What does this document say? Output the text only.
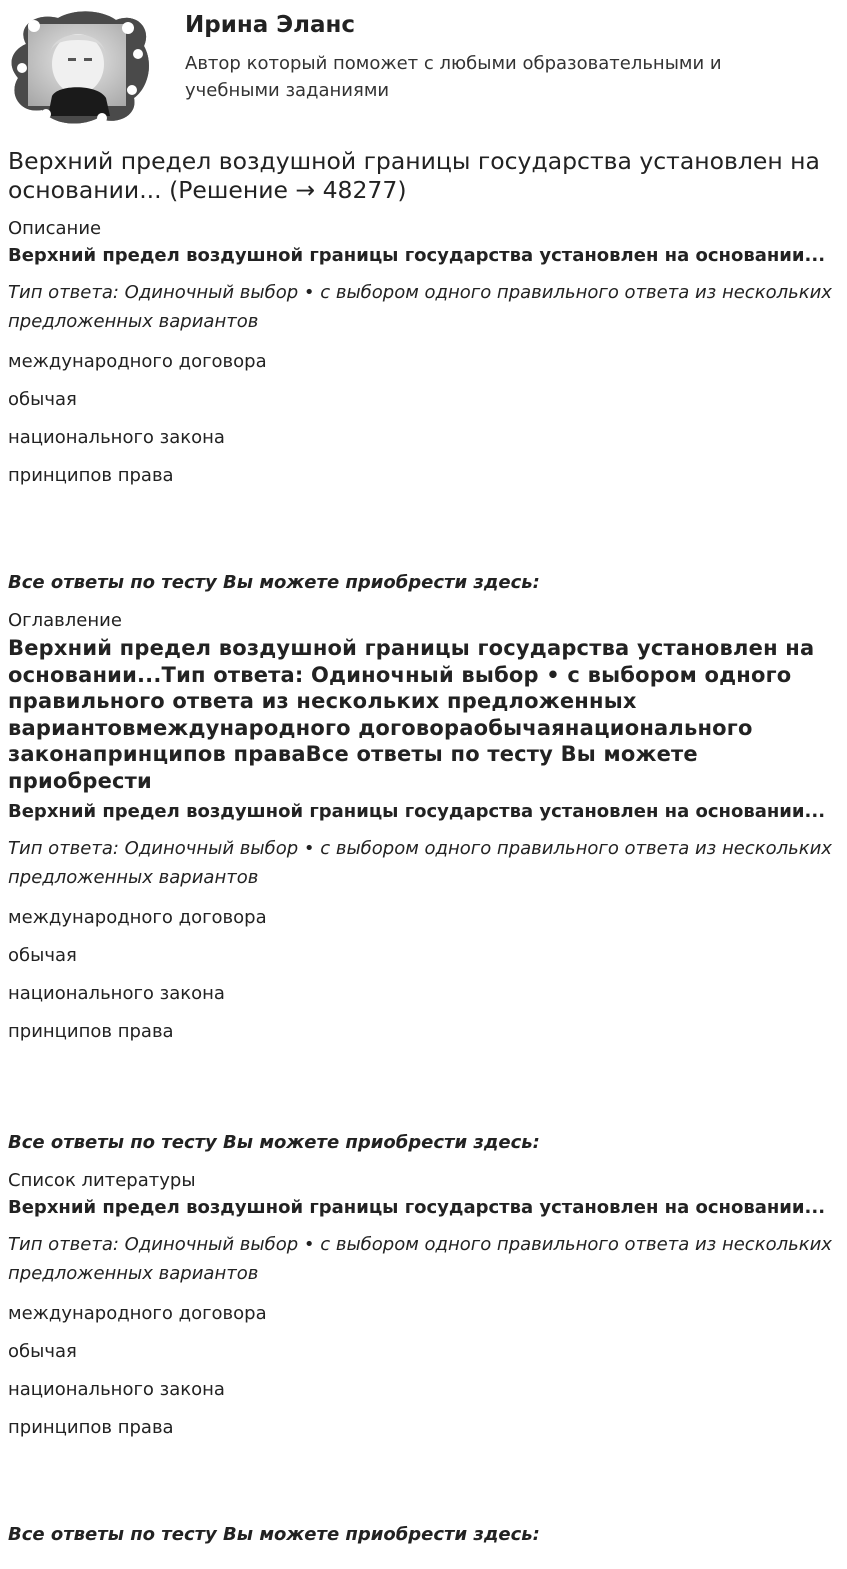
Ирина Эланс

Автор который поможет с любыми образовательными и учебными заданиями

Верхний предел воздушной границы государства установлен на основании... (Решение → 48277)

Описание

Верхний предел воздушной границы государства установлен на основании...

Тип ответа: Одиночный выбор • с выбором одного правильного ответа из нескольких предложенных вариантов

международного договора

обычая

национального закона

принципов права

Все ответы по тесту Вы можете приобрести здесь:

Оглавление

Верхний предел воздушной границы государства установлен на основании...Тип ответа: Одиночный выбор • с выбором одного правильного ответа из нескольких предложенных вариантовмеждународного договораобычаянационального законапринципов праваВсе ответы по тесту Вы можете приобрести

Верхний предел воздушной границы государства установлен на основании...

Тип ответа: Одиночный выбор • с выбором одного правильного ответа из нескольких предложенных вариантов

международного договора

обычая

национального закона

принципов права

Все ответы по тесту Вы можете приобрести здесь:

Список литературы

Верхний предел воздушной границы государства установлен на основании...

Тип ответа: Одиночный выбор • с выбором одного правильного ответа из нескольких предложенных вариантов

международного договора

обычая

национального закона

принципов права

Все ответы по тесту Вы можете приобрести здесь:
